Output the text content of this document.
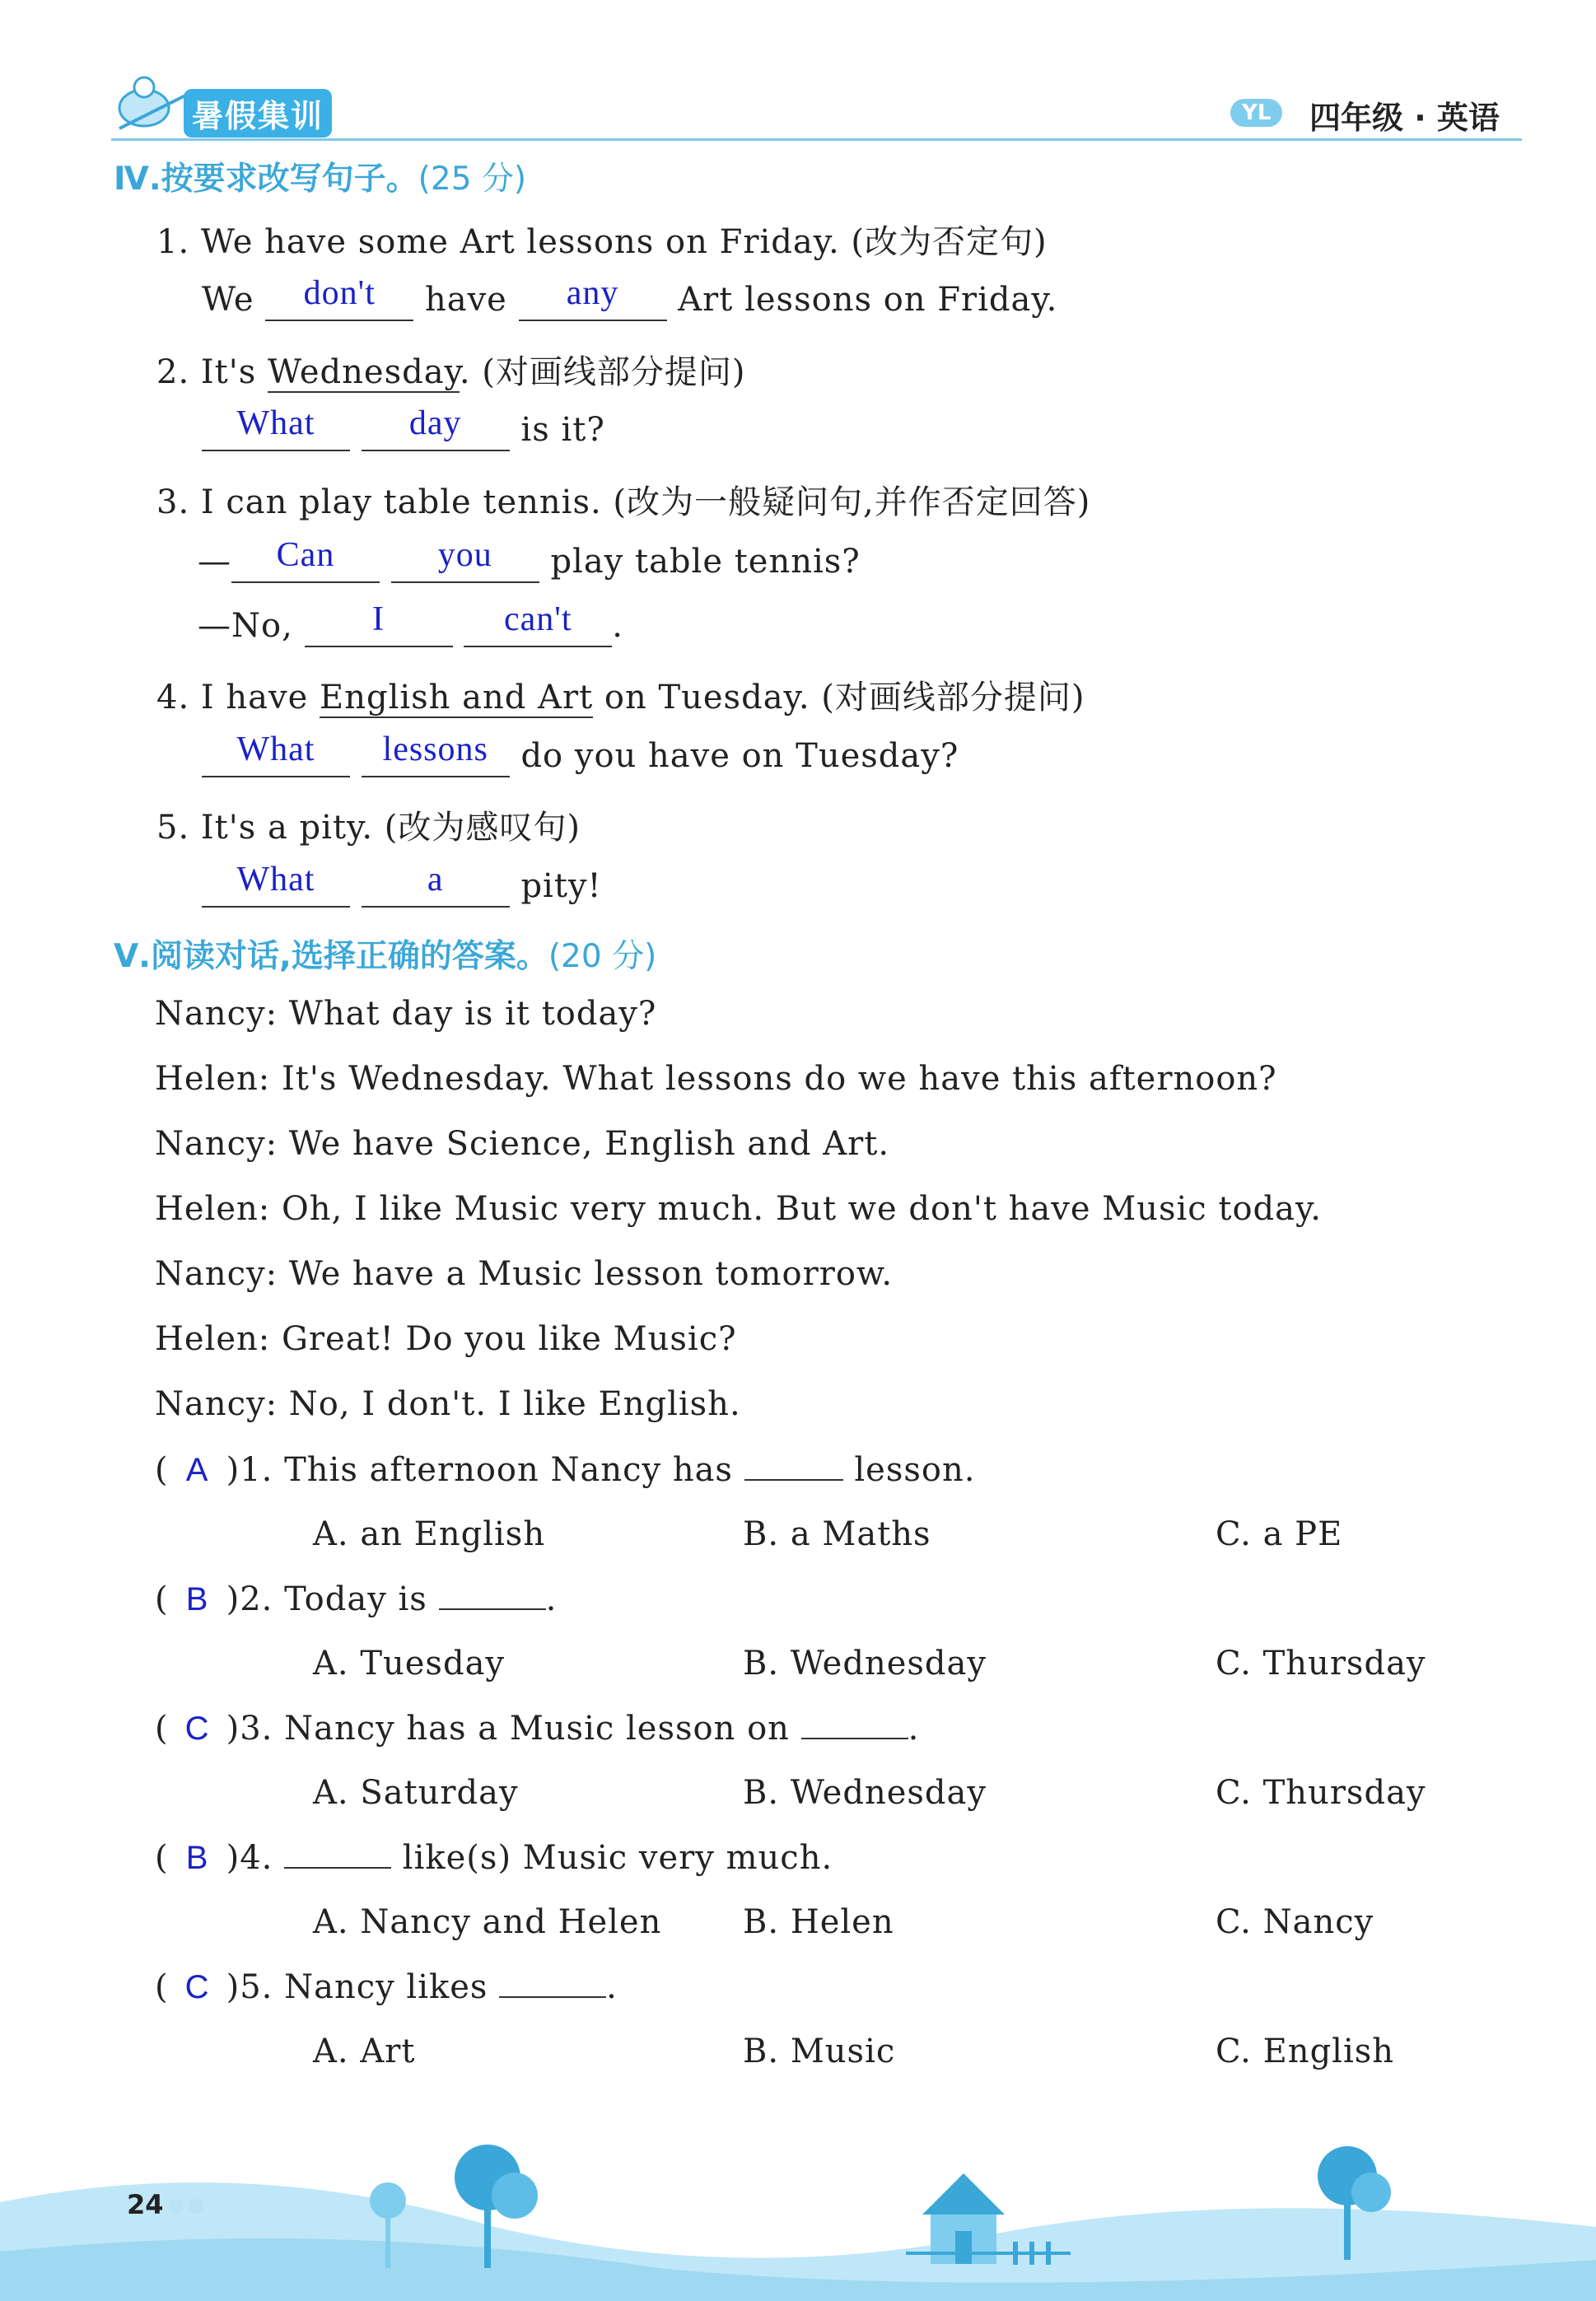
暑假集训	YL	四年级 · 英语
Ⅳ.按要求改写句子。(25 分)
1. We have some Art lessons on Friday. (改为否定句)
We don't have any Art lessons on Friday.
2. It's Wednesday. (对画线部分提问)
What	day is it?
3. I can play table tennis. (改为一般疑问句,并作否定回答)
— Can	you play table tennis?
—No, I	can't .
4. I have English and Art on Tuesday. (对画线部分提问)
What lessons do you have on Tuesday?
5. It's a pity. (改为感叹句)
What	a pity!
Ⅴ.阅读对话,选择正确的答案。(20 分)
Nancy: What day is it today?
Helen: It's Wednesday. What lessons do we have this afternoon?
Nancy: We have Science, English and Art.
Helen: Oh, I like Music very much. But we don't have Music today.
Nancy: We have a Music lesson tomorrow.
Helen: Great! Do you like Music?
Nancy: No, I don't. I like English.
( A )1. This afternoon Nancy has	lesson.
A. an English	B. a Maths	C. a PE
( B )2. Today is	.
A. Tuesday	B. Wednesday	C. Thursday
( C )3. Nancy has a Music lesson on	.
A. Saturday	B. Wednesday	C. Thursday
( B )4.	like(s) Music very much.
A. Nancy and Helen B. Helen	C. Nancy
( C )5. Nancy likes	.
A. Art	B. Music	C. English
24
